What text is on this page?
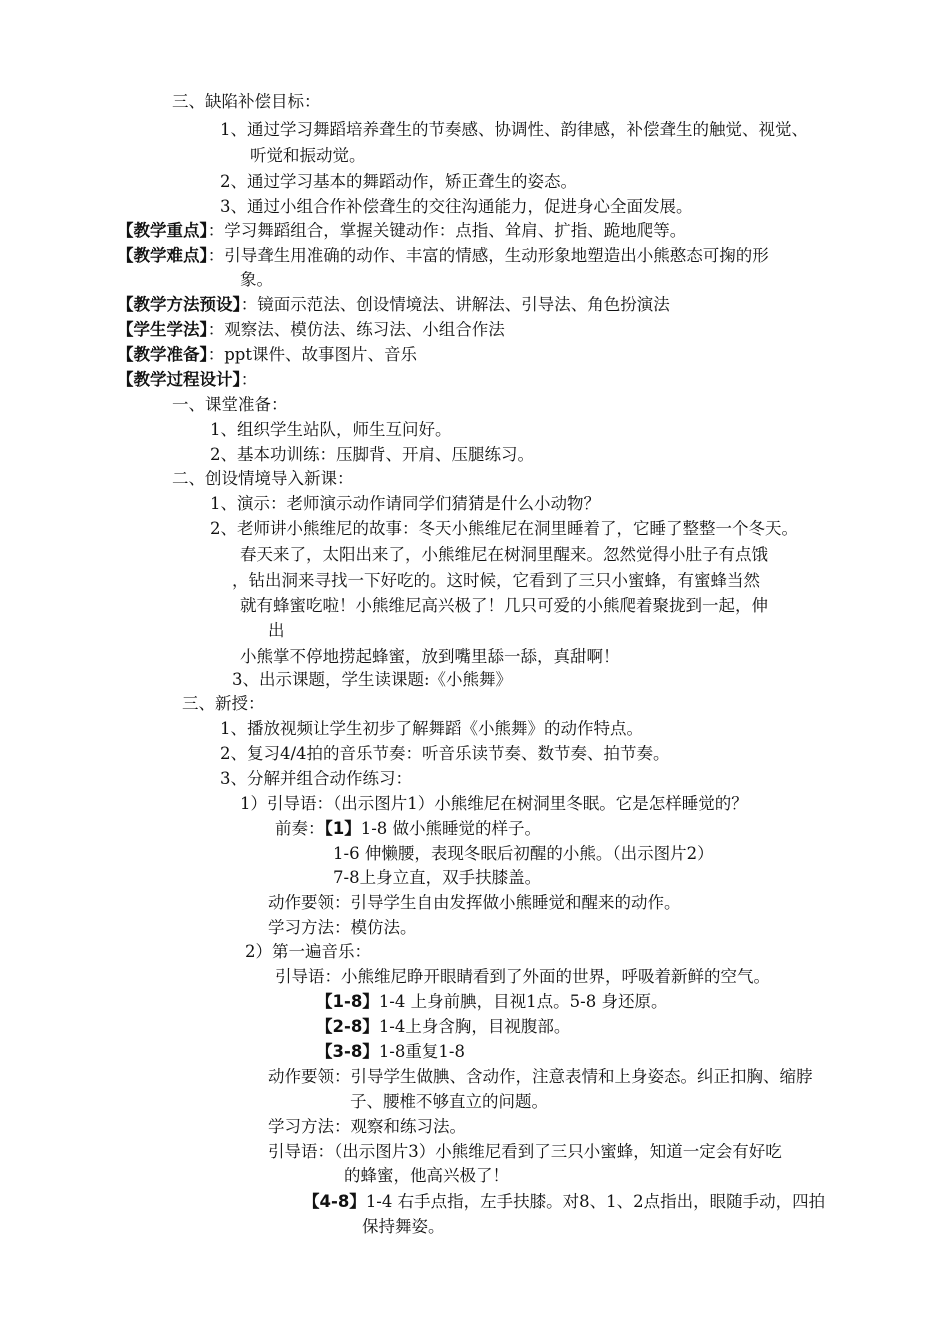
三、缺陷补偿目标：
1、通过学习舞蹈培养聋生的节奏感、协调性、韵律感，补偿聋生的触觉、视觉、
听觉和振动觉。
2、通过学习基本的舞蹈动作，矫正聋生的姿态。
3、通过小组合作补偿聋生的交往沟通能力，促进身心全面发展。
【教学重点】：学习舞蹈组合，掌握关键动作：点指、耸肩、扩指、跪地爬等。
【教学难点】：引导聋生用准确的动作、丰富的情感，生动形象地塑造出小熊憨态可掬的形
象。
【教学方法预设】：镜面示范法、创设情境法、讲解法、引导法、角色扮演法
【学生学法】：观察法、模仿法、练习法、小组合作法
【教学准备】：ppt课件、故事图片、音乐
【教学过程设计】：
一、课堂准备：
1、组织学生站队，师生互问好。
2、基本功训练：压脚背、开肩、压腿练习。
二、创设情境导入新课：
1、演示：老师演示动作请同学们猜猜是什么小动物？
2、老师讲小熊维尼的故事：冬天小熊维尼在洞里睡着了，它睡了整整一个冬天。
春天来了，太阳出来了，小熊维尼在树洞里醒来。忽然觉得小肚子有点饿
，钻出洞来寻找一下好吃的。这时候，它看到了三只小蜜蜂，有蜜蜂当然
就有蜂蜜吃啦！小熊维尼高兴极了！几只可爱的小熊爬着聚拢到一起，伸
出
小熊掌不停地捞起蜂蜜，放到嘴里舔一舔，真甜啊！
3、出示课题，学生读课题:《小熊舞》
三、新授：
1、播放视频让学生初步了解舞蹈《小熊舞》的动作特点。
2、复习4/4拍的音乐节奏：听音乐读节奏、数节奏、拍节奏。
3、分解并组合动作练习：
1）引导语：（出示图片1）小熊维尼在树洞里冬眠。它是怎样睡觉的？
前奏：【1】1-8 做小熊睡觉的样子。
1-6 伸懒腰，表现冬眠后初醒的小熊。（出示图片2）
7-8上身立直，双手扶膝盖。
动作要领：引导学生自由发挥做小熊睡觉和醒来的动作。
学习方法：模仿法。
2）第一遍音乐：
引导语：小熊维尼睁开眼睛看到了外面的世界，呼吸着新鲜的空气。
【1-8】1-4 上身前腆，目视1点。5-8 身还原。
【2-8】1-4上身含胸，目视腹部。
【3-8】1-8重复1-8
动作要领：引导学生做腆、含动作，注意表情和上身姿态。纠正扣胸、缩脖
子、腰椎不够直立的问题。
学习方法：观察和练习法。
引导语：（出示图片3）小熊维尼看到了三只小蜜蜂，知道一定会有好吃
的蜂蜜，他高兴极了！
【4-8】1-4 右手点指，左手扶膝。对8、1、2点指出，眼随手动，四拍
保持舞姿。
